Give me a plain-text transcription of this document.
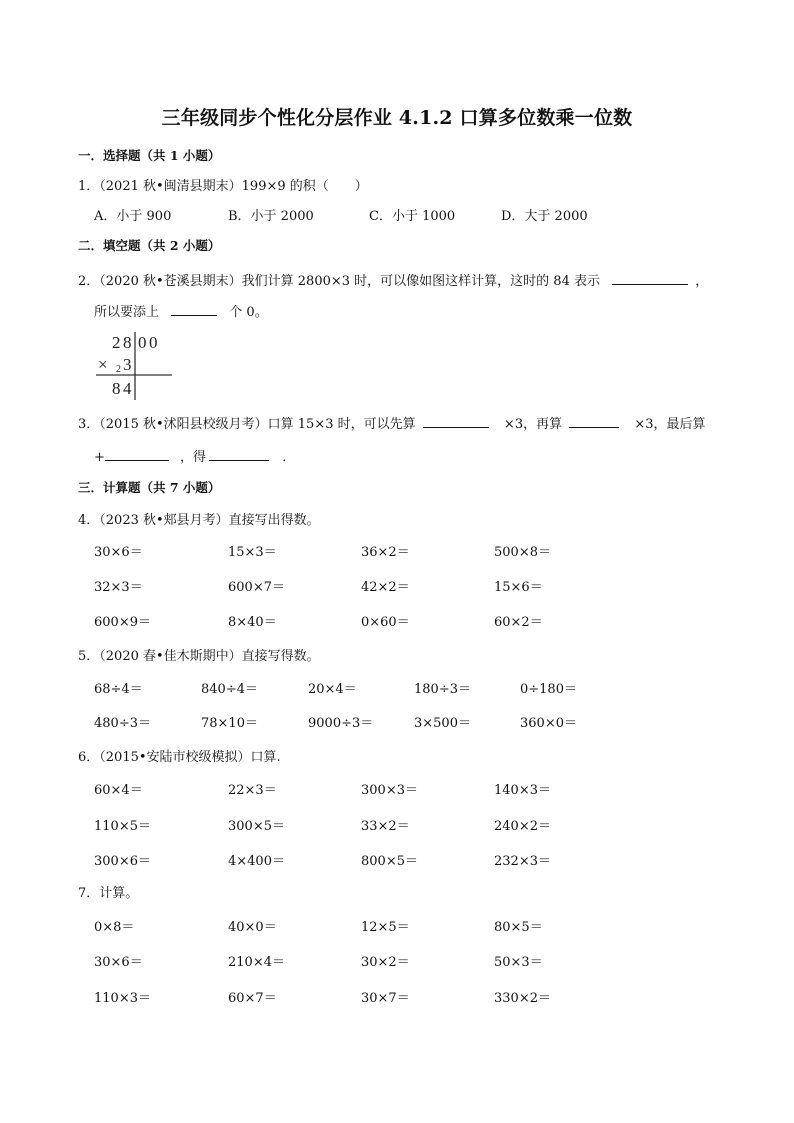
三年级同步个性化分层作业 4.1.2 口算多位数乘一位数
一．选择题（共 1 小题）
1．（2021 秋•闽清县期末）199×9 的积（　　）
A．小于 900	B．小于 2000	C．小于 1000	D．大于 2000
二．填空题（共 2 小题）
2．（2020 秋•苍溪县期末）我们计算 2800×3 时，可以像如图这样计算，这时的 84 表示	，
所以要添上	个 0。
2 8 0 0
× 2 3
8 4
3．（2015 秋•沭阳县校级月考）口算 15×3 时，可以先算	×3，再算	×3，最后算
+	，得	．
三．计算题（共 7 小题）
4．（2023 秋•郏县月考）直接写出得数。
30×6＝	15×3＝	36×2＝	500×8＝
32×3＝	600×7＝	42×2＝	15×6＝
600×9＝	8×40＝	0×60＝	60×2＝
5．（2020 春•佳木斯期中）直接写得数。
68÷4＝	840÷4＝	20×4＝	180÷3＝	0÷180＝
480÷3＝	78×10＝	9000÷3＝	3×500＝	360×0＝
6．（2015•安陆市校级模拟）口算.
60×4＝	22×3＝	300×3＝	140×3＝
110×5＝	300×5＝	33×2＝	240×2＝
300×6＝	4×400＝	800×5＝	232×3＝
7．计算。
0×8＝	40×0＝	12×5＝	80×5＝
30×6＝	210×4＝	30×2＝	50×3＝
110×3＝	60×7＝	30×7＝	330×2＝
